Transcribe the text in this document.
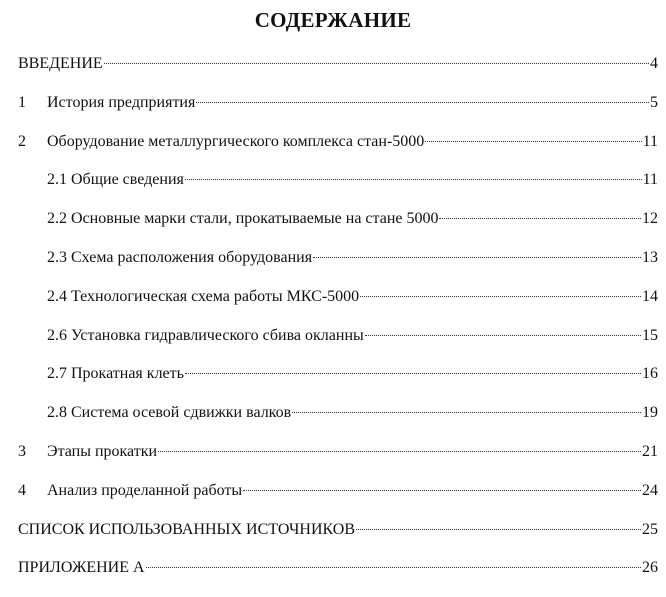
СОДЕРЖАНИЕ
ВВЕДЕНИЕ	4
1	История предприятия	5
2	Оборудование металлургического комплекса стан-5000	11
2.1 Общие сведения	11
2.2 Основные марки стали, прокатываемые на стане 5000	12
2.3 Схема расположения оборудования	13
2.4 Технологическая схема работы МКС-5000	14
2.6 Установка гидравлического сбива окланны	15
2.7 Прокатная клеть	16
2.8 Система осевой сдвижки валков	19
3	Этапы прокатки	21
4	Анализ проделанной работы	24
СПИСОК ИСПОЛЬЗОВАННЫХ ИСТОЧНИКОВ	25
ПРИЛОЖЕНИЕ А	26
